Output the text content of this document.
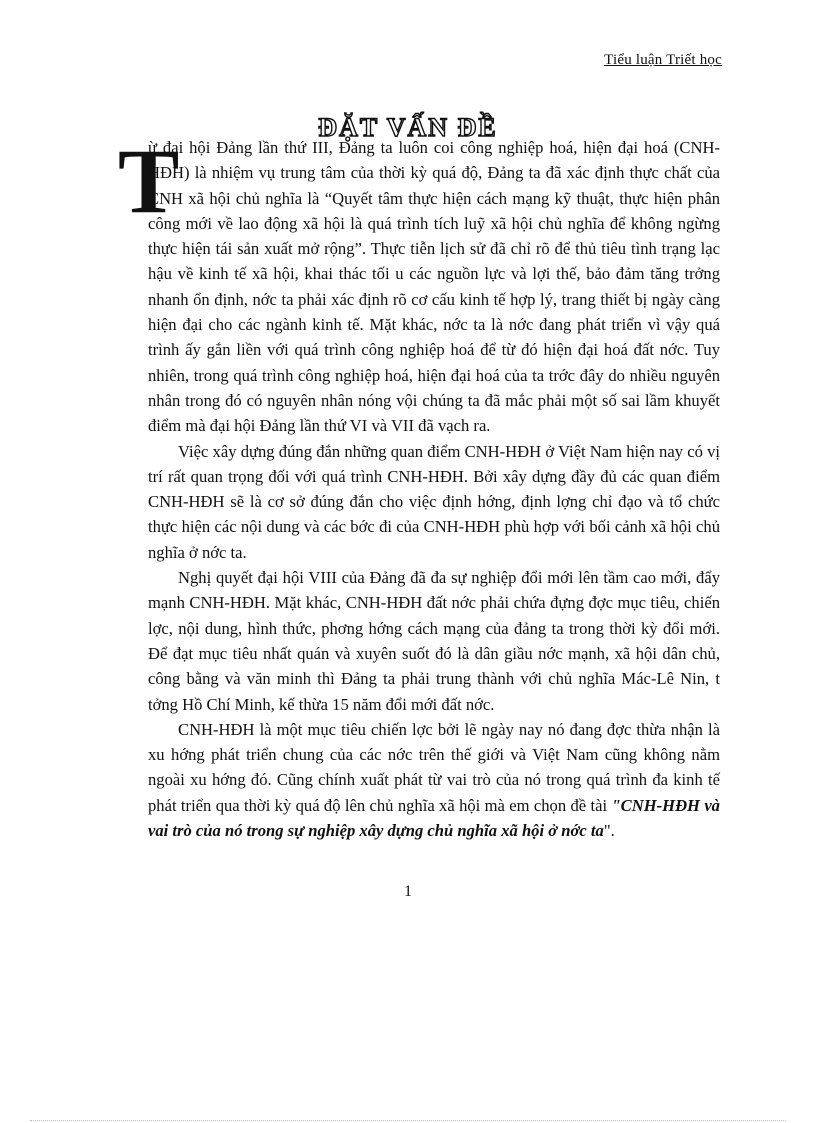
Tiểu luận Triết học
ĐẶT VẤN ĐỀ
T

ừ đại hội Đảng lần thứ III, Đảng ta luôn coi công nghiệp hoá, hiện đại hoá (CNH-HĐH) là nhiệm vụ trung tâm của thời kỳ quá độ, Đảng ta đã xác định thực chất của CNH xã hội chủ nghĩa là “Quyết tâm thực hiện cách mạng kỹ thuật, thực hiện phân công mới về lao động xã hội là quá trình tích luỹ xã hội chủ nghĩa để không ngừng thực hiện tái sản xuất mở rộng”. Thực tiễn lịch sử đã chỉ rõ để thủ tiêu tình trạng lạc hậu về kinh tế xã hội, khai thác tối u các nguồn lực và lợi thế, bảo đảm tăng trởng nhanh ổn định, nớc ta phải xác định rõ cơ cấu kinh tế hợp lý, trang thiết bị ngày càng hiện đại cho các ngành kinh tế. Mặt khác, nớc ta là nớc đang phát triển vì vậy quá trình ấy gắn liền với quá trình công nghiệp hoá để từ đó hiện đại hoá đất nớc. Tuy nhiên, trong quá trình công nghiệp hoá, hiện đại hoá của ta trớc đây do nhiều nguyên nhân trong đó có nguyên nhân nóng vội chúng ta đã mắc phải một số sai lầm khuyết điểm mà đại hội Đảng lần thứ VI và VII đã vạch ra.

Việc xây dựng đúng đắn những quan điểm CNH-HĐH ở Việt Nam hiện nay có vị trí rất quan trọng đối với quá trình CNH-HĐH. Bởi xây dựng đầy đủ các quan điểm CNH-HĐH sẽ là cơ sở đúng đắn cho việc định hớng, định lợng chỉ đạo và tổ chức thực hiện các nội dung và các bớc đi của CNH-HĐH phù hợp với bối cảnh xã hội chủ nghĩa ở nớc ta.

Nghị quyết đại hội VIII của Đảng đã đa sự nghiệp đổi mới lên tầm cao mới, đẩy mạnh CNH-HĐH. Mặt khác, CNH-HĐH đất nớc phải chứa đựng đợc mục tiêu, chiến lợc, nội dung, hình thức, phơng hớng cách mạng của đảng ta trong thời kỳ đổi mới. Để đạt mục tiêu nhất quán và xuyên suốt đó là dân giầu nớc mạnh, xã hội dân chủ, công bằng và văn minh thì Đảng ta phải trung thành với chủ nghĩa Mác-Lê Nin, t tởng Hồ Chí Minh, kế thừa 15 năm đổi mới đất nớc.

CNH-HĐH là một mục tiêu chiến lợc bởi lẽ ngày nay nó đang đợc thừa nhận là xu hớng phát triển chung của các nớc trên thế giới và Việt Nam cũng không nằm ngoài xu hớng đó. Cũng chính xuất phát từ vai trò của nó trong quá trình đa kinh tế phát triển qua thời kỳ quá độ lên chủ nghĩa xã hội mà em chọn đề tài "CNH-HĐH và vai trò của nó trong sự nghiệp xây dựng chủ nghĩa xã hội ở nớc ta".

1
